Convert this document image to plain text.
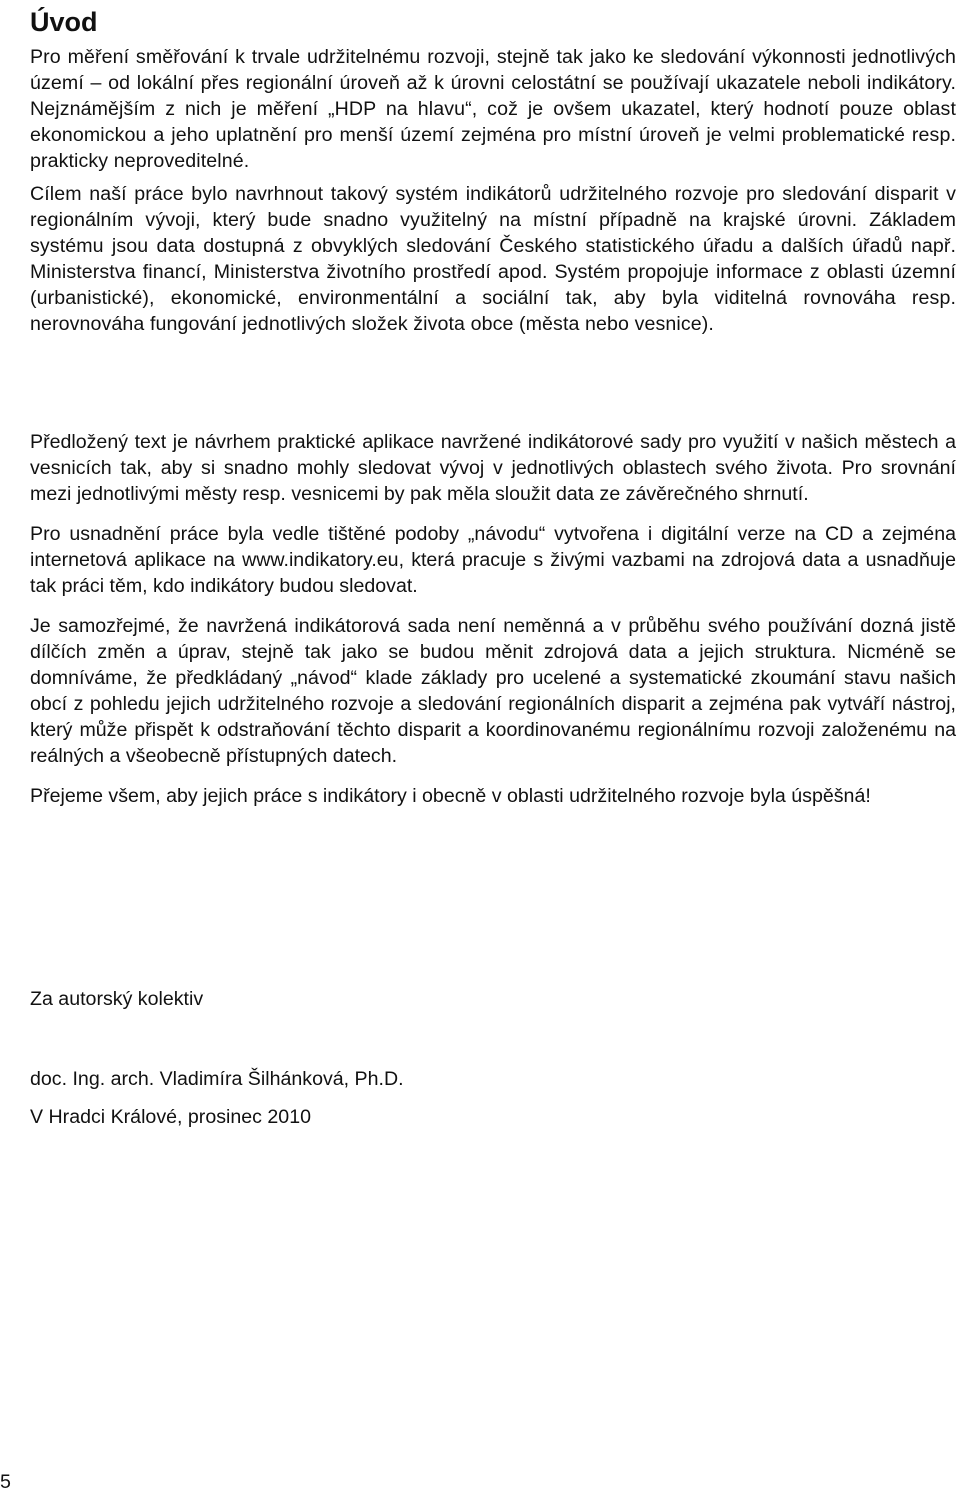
Úvod

Pro měření směřování k trvale udržitelnému rozvoji, stejně tak jako ke sledování výkonnosti jednotlivých území – od lokální přes regionální úroveň až k úrovni celostátní se používají ukazatele neboli indikátory. Nejznámějším z nich je měření „HDP na hlavu“, což je ovšem ukazatel, který hodnotí pouze oblast ekonomickou a jeho uplatnění pro menší území zejména pro místní úroveň je velmi problematické resp. prakticky neproveditelné.

Cílem naší práce bylo navrhnout takový systém indikátorů udržitelného rozvoje pro sledování disparit v regionálním vývoji, který bude snadno využitelný na místní případně na krajské úrovni. Základem systému jsou data dostupná z obvyklých sledování Českého statistického úřadu a dalších úřadů např. Ministerstva financí, Ministerstva životního prostředí apod. Systém propojuje informace z oblasti územní (urbanistické), ekonomické, environmentální a sociální tak, aby byla viditelná rovnováha resp. nerovnováha fungování jednotlivých složek života obce (města nebo vesnice).

Předložený text je návrhem praktické aplikace navržené indikátorové sady pro využití v našich městech a vesnicích tak, aby si snadno mohly sledovat vývoj v jednotlivých oblastech svého života. Pro srovnání mezi jednotlivými městy resp. vesnicemi by pak měla sloužit data ze závěrečného shrnutí.

Pro usnadnění práce byla vedle tištěné podoby „návodu“ vytvořena i digitální verze na CD a zejména internetová aplikace na www.indikatory.eu, která pracuje s živými vazbami na zdrojová data a usnadňuje tak práci těm, kdo indikátory budou sledovat.

Je samozřejmé, že navržená indikátorová sada není neměnná a v průběhu svého používání dozná jistě dílčích změn a úprav, stejně tak jako se budou měnit zdrojová data a jejich struktura. Nicméně se domníváme, že předkládaný „návod“ klade základy pro ucelené a systematické zkoumání stavu našich obcí z pohledu jejich udržitelného rozvoje a sledování regionálních disparit a zejména pak vytváří nástroj, který může přispět k odstraňování těchto disparit a koordinovanému regionálnímu rozvoji založenému na reálných a všeobecně přístupných datech.

Přejeme všem, aby jejich práce s indikátory i obecně v oblasti udržitelného rozvoje byla úspěšná!

Za autorský kolektiv

doc. Ing. arch. Vladimíra Šilhánková, Ph.D.

V Hradci Králové, prosinec 2010

5
